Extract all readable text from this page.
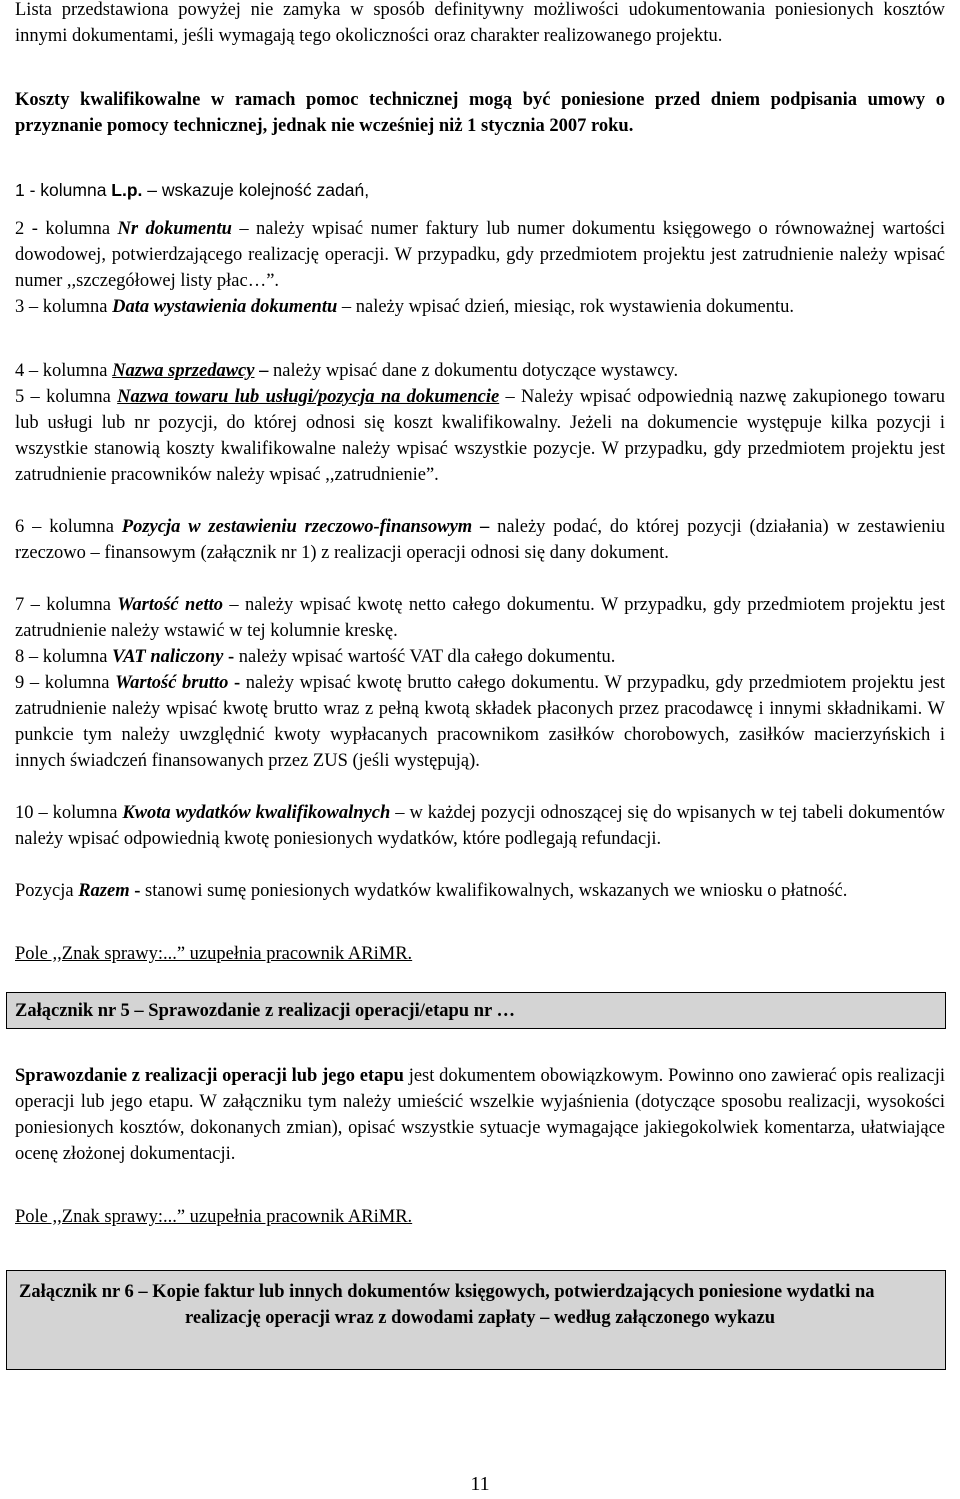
Lista przedstawiona powyżej nie zamyka w sposób definitywny możliwości udokumentowania poniesionych kosztów innymi dokumentami, jeśli wymagają tego okoliczności oraz charakter realizowanego projektu.

Koszty kwalifikowalne w ramach pomoc technicznej mogą być poniesione przed dniem podpisania umowy o przyznanie pomocy technicznej, jednak nie wcześniej niż 1 stycznia 2007 roku.

1 - kolumna L.p. – wskazuje kolejność zadań,

2 - kolumna Nr dokumentu – należy wpisać numer faktury lub numer dokumentu księgowego o równoważnej wartości dowodowej, potwierdzającego realizację operacji. W przypadku, gdy przedmiotem projektu jest zatrudnienie należy wpisać numer ,,szczegółowej listy płac…”.

3 – kolumna Data wystawienia dokumentu – należy wpisać dzień, miesiąc, rok wystawienia dokumentu.

4 – kolumna Nazwa sprzedawcy – należy wpisać dane z dokumentu dotyczące wystawcy.

5 – kolumna Nazwa towaru lub usługi/pozycja na dokumencie – Należy wpisać odpowiednią nazwę zakupionego towaru lub usługi lub nr pozycji, do której odnosi się koszt kwalifikowalny. Jeżeli na dokumencie występuje kilka pozycji i wszystkie stanowią koszty kwalifikowalne należy wpisać wszystkie pozycje. W przypadku, gdy przedmiotem projektu jest zatrudnienie pracowników należy wpisać ,,zatrudnienie”.

6 – kolumna Pozycja w zestawieniu rzeczowo-finansowym – należy podać, do której pozycji (działania) w zestawieniu rzeczowo – finansowym (załącznik nr 1) z realizacji operacji odnosi się dany dokument.

7 – kolumna Wartość netto – należy wpisać kwotę netto całego dokumentu. W przypadku, gdy przedmiotem projektu jest zatrudnienie należy wstawić w tej kolumnie kreskę.

8 – kolumna VAT naliczony - należy wpisać wartość VAT dla całego dokumentu.

9 – kolumna Wartość brutto - należy wpisać kwotę brutto całego dokumentu. W przypadku, gdy przedmiotem projektu jest zatrudnienie należy wpisać kwotę brutto wraz z pełną kwotą składek płaconych przez pracodawcę i innymi składnikami. W punkcie tym należy uwzględnić kwoty wypłacanych pracownikom zasiłków chorobowych, zasiłków macierzyńskich i innych świadczeń finansowanych przez ZUS (jeśli występują).

10 – kolumna Kwota wydatków kwalifikowalnych – w każdej pozycji odnoszącej się do wpisanych w tej tabeli dokumentów należy wpisać odpowiednią kwotę poniesionych wydatków, które podlegają refundacji.

Pozycja Razem - stanowi sumę poniesionych wydatków kwalifikowalnych, wskazanych we wniosku o płatność.

Pole ,,Znak sprawy:...” uzupełnia pracownik ARiMR.

Załącznik nr 5 – Sprawozdanie z realizacji operacji/etapu nr …

Sprawozdanie z realizacji operacji lub jego etapu jest dokumentem obowiązkowym. Powinno ono zawierać opis realizacji operacji lub jego etapu. W załączniku tym należy umieścić wszelkie wyjaśnienia (dotyczące sposobu realizacji, wysokości poniesionych kosztów, dokonanych zmian), opisać wszystkie sytuacje wymagające jakiegokolwiek komentarza, ułatwiające ocenę złożonej dokumentacji.

Pole ,,Znak sprawy:...” uzupełnia pracownik ARiMR.

Załącznik nr 6 – Kopie faktur lub innych dokumentów księgowych, potwierdzających poniesione wydatki na realizację operacji wraz z dowodami zapłaty – według załączonego wykazu
11
